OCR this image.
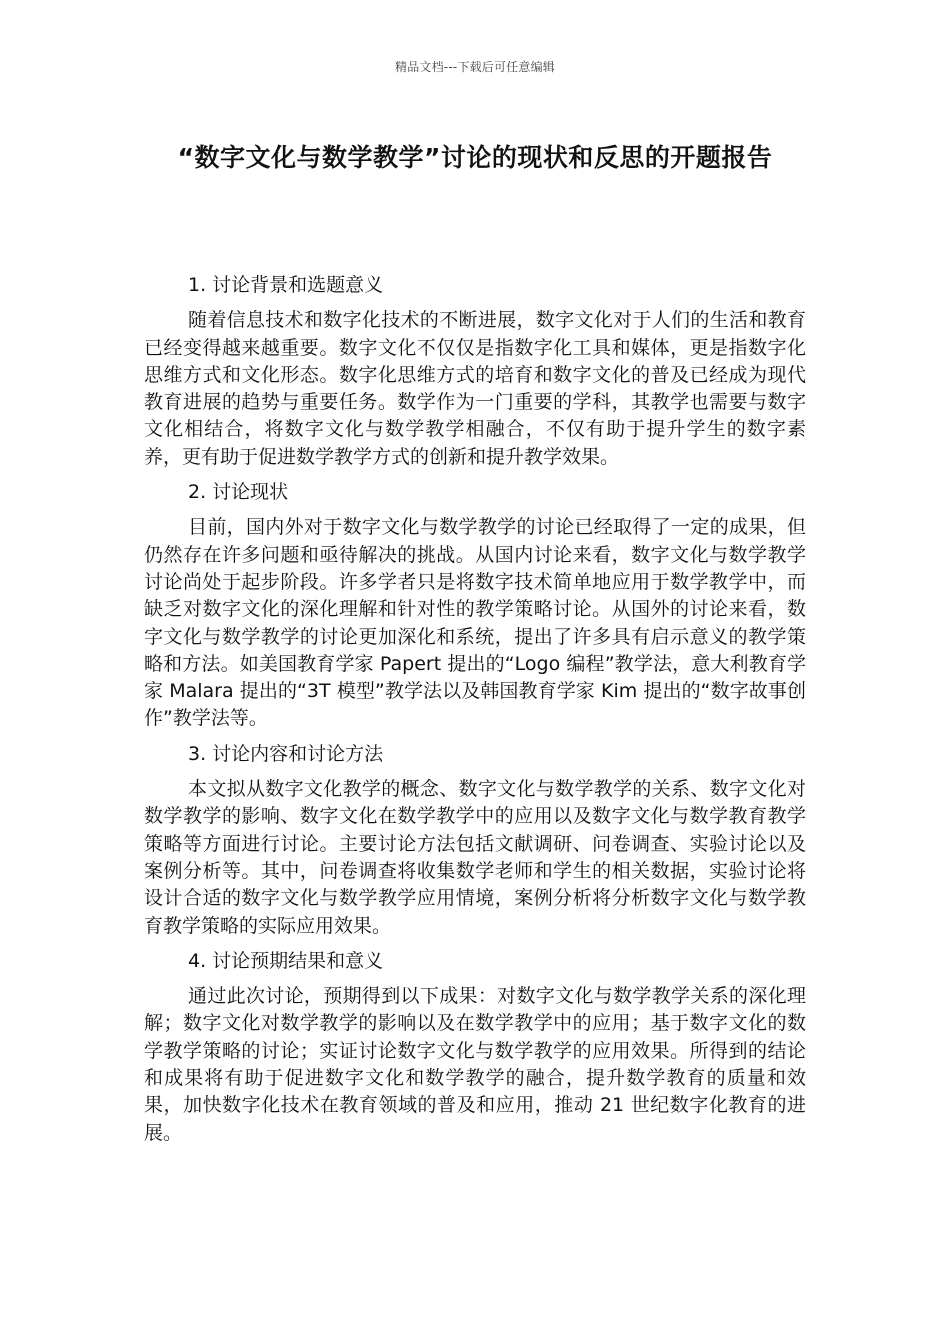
精品文档---下载后可任意编辑
“数字文化与数学教学”讨论的现状和反思的开题报告

1. 讨论背景和选题意义

随着信息技术和数字化技术的不断进展，数字文化对于人们的生活和教育已经变得越来越重要。数字文化不仅仅是指数字化工具和媒体，更是指数字化思维方式和文化形态。数字化思维方式的培育和数字文化的普及已经成为现代教育进展的趋势与重要任务。数学作为一门重要的学科，其教学也需要与数字文化相结合，将数字文化与数学教学相融合，不仅有助于提升学生的数字素养，更有助于促进数学教学方式的创新和提升教学效果。

2. 讨论现状

目前，国内外对于数字文化与数学教学的讨论已经取得了一定的成果，但仍然存在许多问题和亟待解决的挑战。从国内讨论来看，数字文化与数学教学讨论尚处于起步阶段。许多学者只是将数字技术简单地应用于数学教学中，而缺乏对数字文化的深化理解和针对性的教学策略讨论。从国外的讨论来看，数字文化与数学教学的讨论更加深化和系统，提出了许多具有启示意义的教学策略和方法。如美国教育学家 Papert 提出的“Logo 编程”教学法，意大利教育学家 Malara 提出的“3T 模型”教学法以及韩国教育学家 Kim 提出的“数字故事创作”教学法等。

3. 讨论内容和讨论方法

本文拟从数字文化教学的概念、数字文化与数学教学的关系、数字文化对数学教学的影响、数字文化在数学教学中的应用以及数字文化与数学教育教学策略等方面进行讨论。主要讨论方法包括文献调研、问卷调查、实验讨论以及案例分析等。其中，问卷调查将收集数学老师和学生的相关数据，实验讨论将设计合适的数字文化与数学教学应用情境，案例分析将分析数字文化与数学教育教学策略的实际应用效果。

4. 讨论预期结果和意义

通过此次讨论，预期得到以下成果：对数字文化与数学教学关系的深化理解；数字文化对数学教学的影响以及在数学教学中的应用；基于数字文化的数学教学策略的讨论；实证讨论数字文化与数学教学的应用效果。所得到的结论和成果将有助于促进数字文化和数学教学的融合，提升数学教育的质量和效果，加快数字化技术在教育领域的普及和应用，推动 21 世纪数字化教育的进展。
